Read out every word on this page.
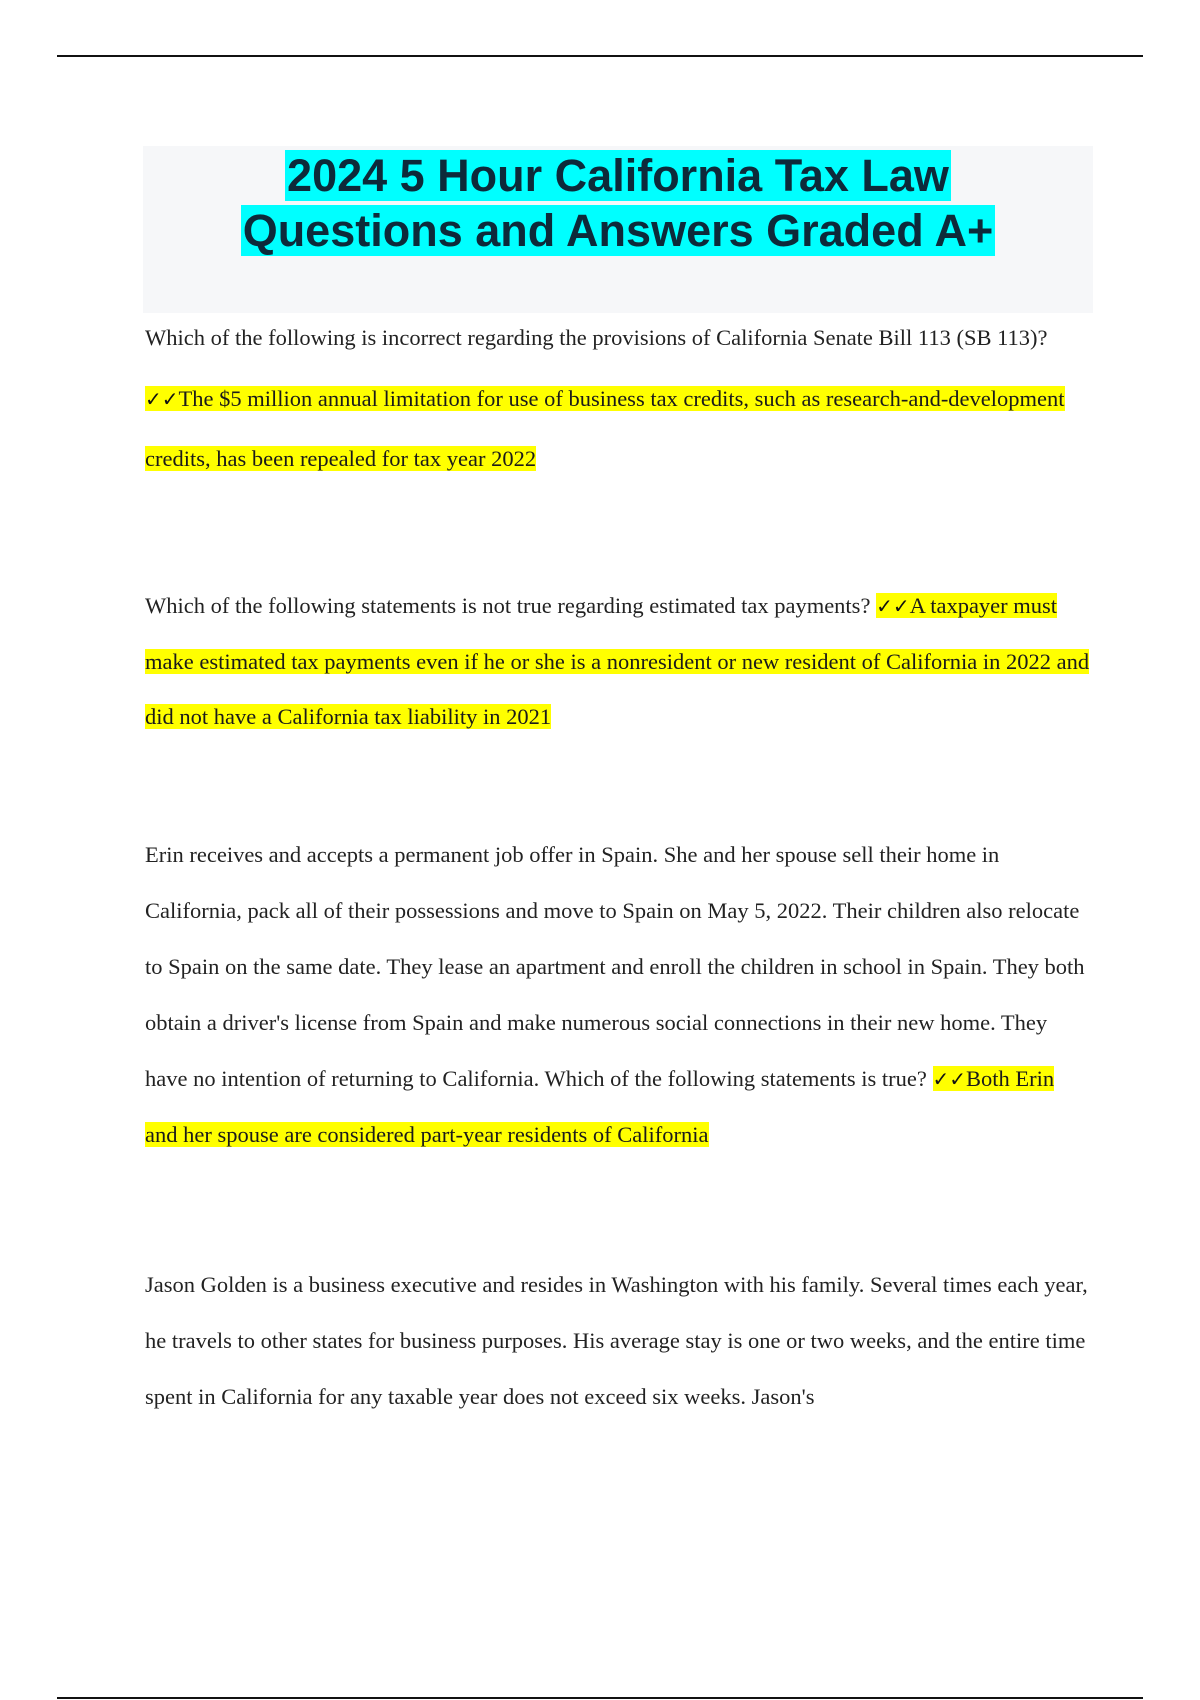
2024 5 Hour California Tax Law
Questions and Answers Graded A+

Which of the following is incorrect regarding the provisions of California Senate Bill 113 (SB 113)? ✓✓The $5 million annual limitation for use of business tax credits, such as research-and-development credits, has been repealed for tax year 2022

Which of the following statements is not true regarding estimated tax payments? ✓✓A taxpayer must make estimated tax payments even if he or she is a nonresident or new resident of California in 2022 and did not have a California tax liability in 2021

Erin receives and accepts a permanent job offer in Spain. She and her spouse sell their home in California, pack all of their possessions and move to Spain on May 5, 2022. Their children also relocate to Spain on the same date. They lease an apartment and enroll the children in school in Spain. They both obtain a driver's license from Spain and make numerous social connections in their new home. They have no intention of returning to California. Which of the following statements is true? ✓✓Both Erin and her spouse are considered part-year residents of California

Jason Golden is a business executive and resides in Washington with his family. Several times each year, he travels to other states for business purposes. His average stay is one or two weeks, and the entire time spent in California for any taxable year does not exceed six weeks. Jason's
